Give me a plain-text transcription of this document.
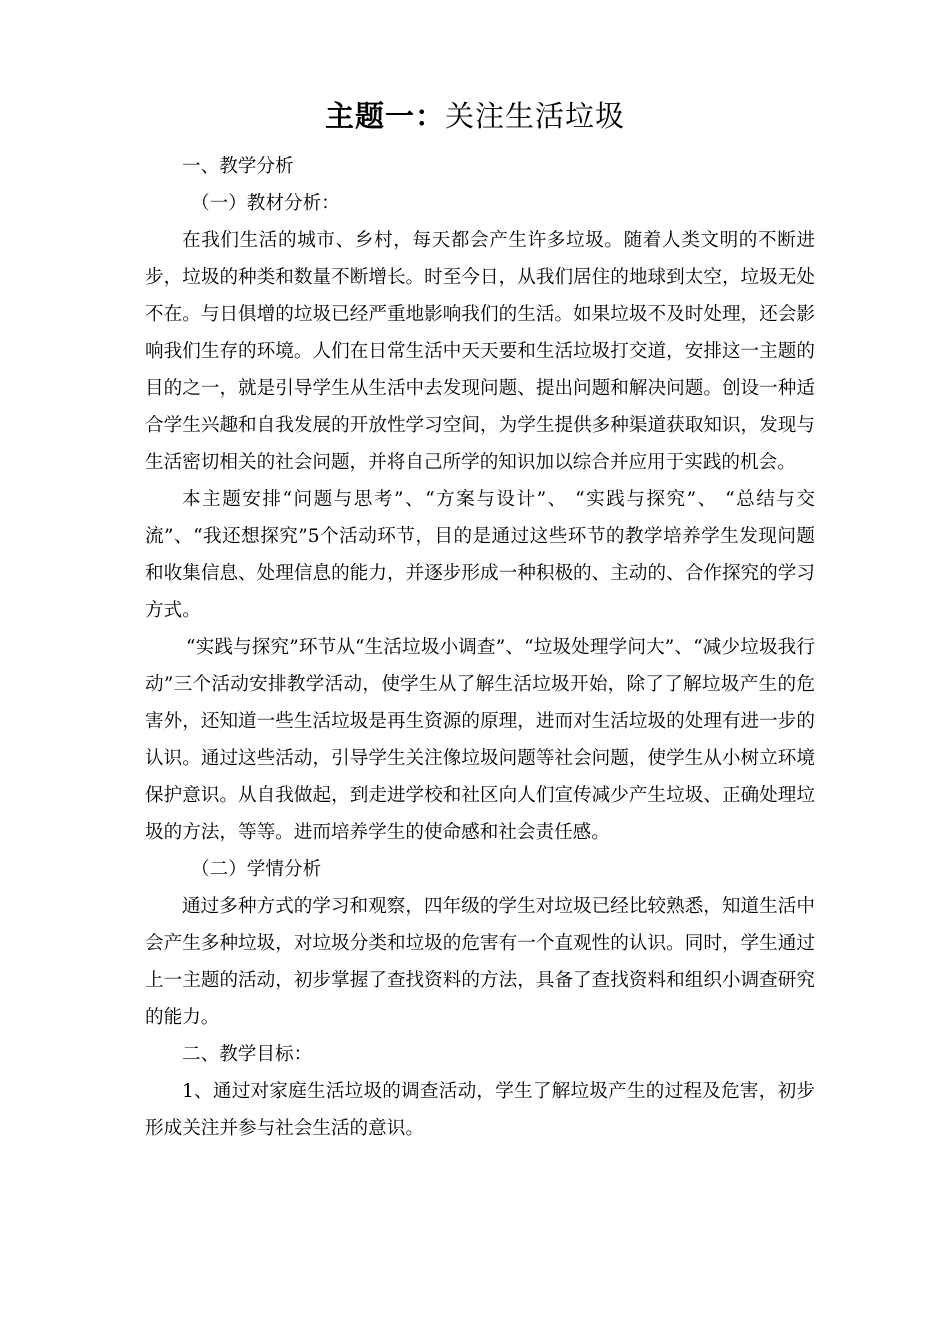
主题一：关注生活垃圾

一、教学分析

（一）教材分析：

在我们生活的城市、乡村，每天都会产生许多垃圾。随着人类文明的不断进步，垃圾的种类和数量不断增长。时至今日，从我们居住的地球到太空，垃圾无处不在。与日俱增的垃圾已经严重地影响我们的生活。如果垃圾不及时处理，还会影响我们生存的环境。人们在日常生活中天天要和生活垃圾打交道，安排这一主题的目的之一，就是引导学生从生活中去发现问题、提出问题和解决问题。创设一种适合学生兴趣和自我发展的开放性学习空间，为学生提供多种渠道获取知识，发现与生活密切相关的社会问题，并将自己所学的知识加以综合并应用于实践的机会。

本主题安排“问题与思考”、“方案与设计”、 “实践与探究”、 “总结与交流”、“我还想探究”5个活动环节，目的是通过这些环节的教学培养学生发现问题和收集信息、处理信息的能力，并逐步形成一种积极的、主动的、合作探究的学习方式。

“实践与探究”环节从“生活垃圾小调查”、“垃圾处理学问大”、“减少垃圾我行动”三个活动安排教学活动，使学生从了解生活垃圾开始，除了了解垃圾产生的危害外，还知道一些生活垃圾是再生资源的原理，进而对生活垃圾的处理有进一步的认识。通过这些活动，引导学生关注像垃圾问题等社会问题，使学生从小树立环境保护意识。从自我做起，到走进学校和社区向人们宣传减少产生垃圾、正确处理垃圾的方法，等等。进而培养学生的使命感和社会责任感。

（二）学情分析

通过多种方式的学习和观察，四年级的学生对垃圾已经比较熟悉，知道生活中会产生多种垃圾，对垃圾分类和垃圾的危害有一个直观性的认识。同时，学生通过上一主题的活动，初步掌握了查找资料的方法，具备了查找资料和组织小调查研究的能力。

二、教学目标：

1、通过对家庭生活垃圾的调查活动，学生了解垃圾产生的过程及危害，初步形成关注并参与社会生活的意识。
